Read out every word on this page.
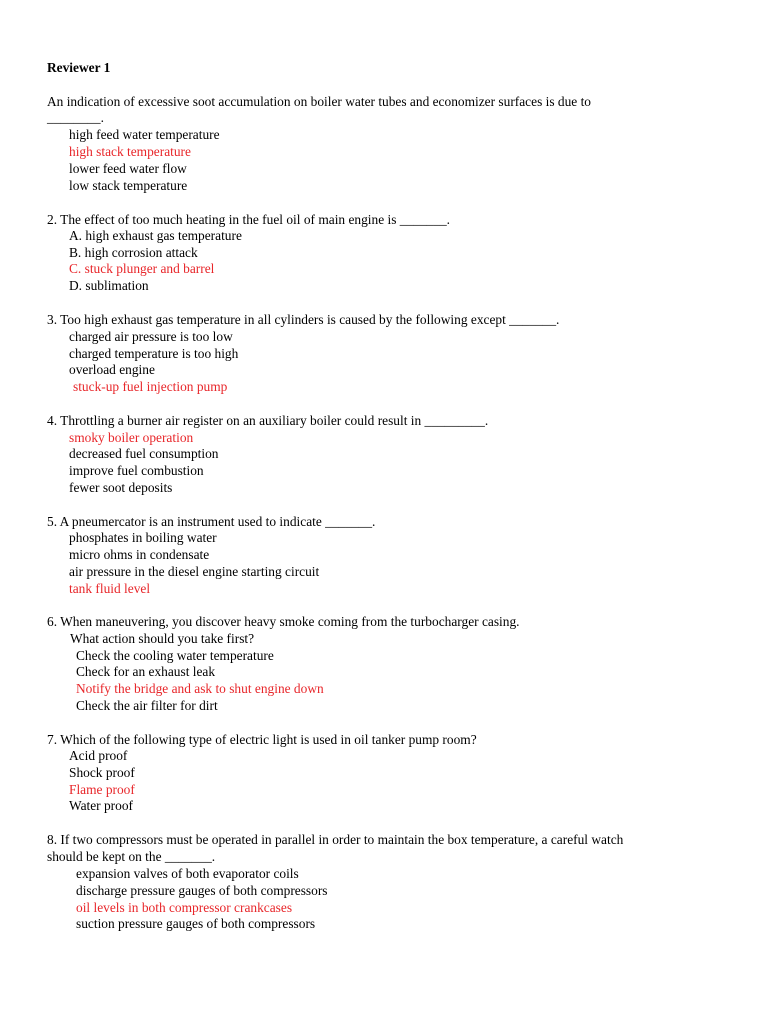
Reviewer 1
An indication of excessive soot accumulation on boiler water tubes and economizer surfaces is due to
________.
high feed water temperature
high stack temperature
lower feed water flow
low stack temperature
2. The effect of too much heating in the fuel oil of main engine is _______.
A. high exhaust gas temperature
B. high corrosion attack
C. stuck plunger and barrel
D. sublimation
3. Too high exhaust gas temperature in all cylinders is caused by the following except _______.
charged air pressure is too low
charged temperature is too high
overload engine
stuck-up fuel injection pump
4. Throttling a burner air register on an auxiliary boiler could result in _________.
smoky boiler operation
decreased fuel consumption
improve fuel combustion
fewer soot deposits
5. A pneumercator is an instrument used to indicate _______.
phosphates in boiling water
micro ohms in condensate
air pressure in the diesel engine starting circuit
tank fluid level
6. When maneuvering, you discover heavy smoke coming from the turbocharger casing.
What action should you take first?
Check the cooling water temperature
Check for an exhaust leak
Notify the bridge and ask to shut engine down
Check the air filter for dirt
7. Which of the following type of electric light is used in oil tanker pump room?
Acid proof
Shock proof
Flame proof
Water proof
8. If two compressors must be operated in parallel in order to maintain the box temperature, a careful watch
should be kept on the _______.
expansion valves of both evaporator coils
discharge pressure gauges of both compressors
oil levels in both compressor crankcases
suction pressure gauges of both compressors
